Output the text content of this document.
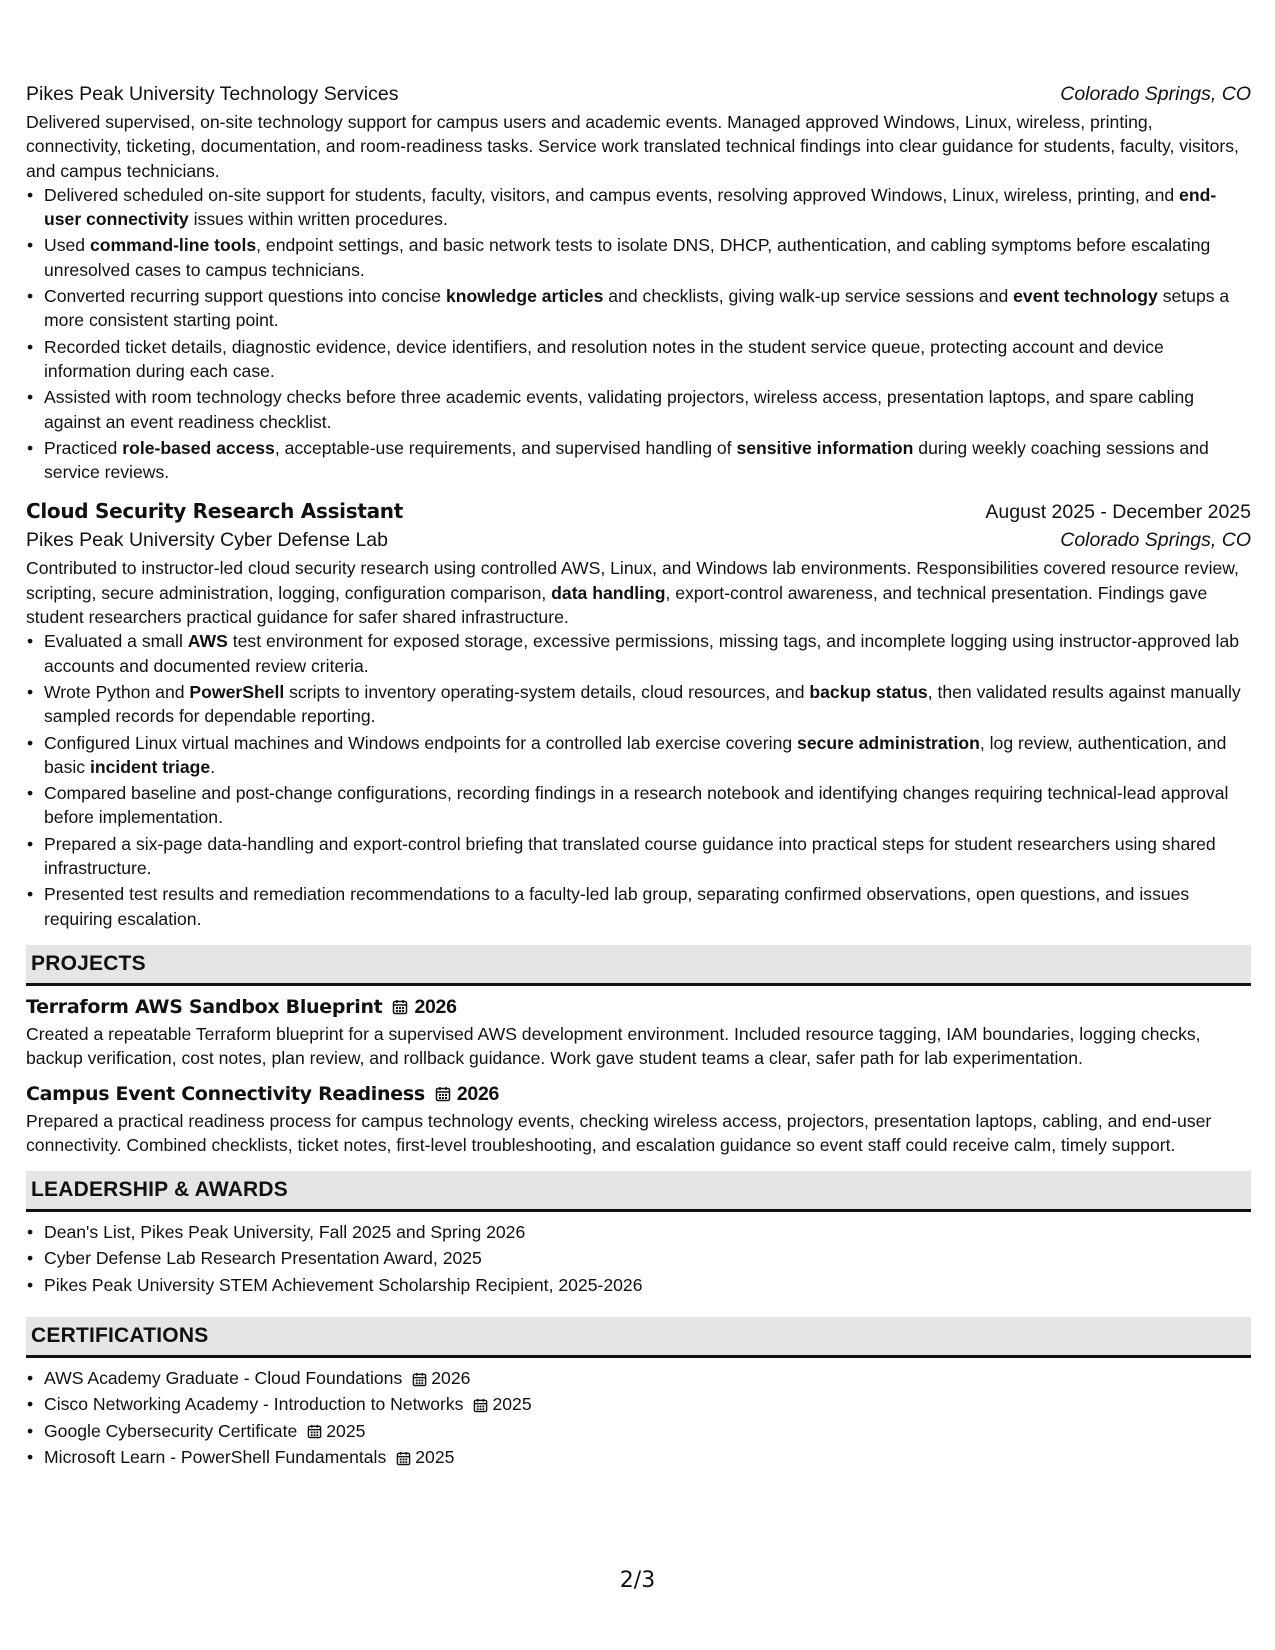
Pikes Peak University Technology Services	Colorado Springs, CO
Delivered supervised, on-site technology support for campus users and academic events. Managed approved Windows, Linux, wireless, printing, connectivity, ticketing, documentation, and room-readiness tasks. Service work translated technical findings into clear guidance for students, faculty, visitors, and campus technicians.
• Delivered scheduled on-site support for students, faculty, visitors, and campus events, resolving approved Windows, Linux, wireless, printing, and end-user connectivity issues within written procedures.
• Used command-line tools, endpoint settings, and basic network tests to isolate DNS, DHCP, authentication, and cabling symptoms before escalating unresolved cases to campus technicians.
• Converted recurring support questions into concise knowledge articles and checklists, giving walk-up service sessions and event technology setups a more consistent starting point.
• Recorded ticket details, diagnostic evidence, device identifiers, and resolution notes in the student service queue, protecting account and device information during each case.
• Assisted with room technology checks before three academic events, validating projectors, wireless access, presentation laptops, and spare cabling against an event readiness checklist.
• Practiced role-based access, acceptable-use requirements, and supervised handling of sensitive information during weekly coaching sessions and service reviews.
Cloud Security Research Assistant	August 2025 - December 2025
Pikes Peak University Cyber Defense Lab	Colorado Springs, CO
Contributed to instructor-led cloud security research using controlled AWS, Linux, and Windows lab environments. Responsibilities covered resource review, scripting, secure administration, logging, configuration comparison, data handling, export-control awareness, and technical presentation. Findings gave student researchers practical guidance for safer shared infrastructure.
• Evaluated a small AWS test environment for exposed storage, excessive permissions, missing tags, and incomplete logging using instructor-approved lab accounts and documented review criteria.
• Wrote Python and PowerShell scripts to inventory operating-system details, cloud resources, and backup status, then validated results against manually sampled records for dependable reporting.
• Configured Linux virtual machines and Windows endpoints for a controlled lab exercise covering secure administration, log review, authentication, and basic incident triage.
• Compared baseline and post-change configurations, recording findings in a research notebook and identifying changes requiring technical-lead approval before implementation.
• Prepared a six-page data-handling and export-control briefing that translated course guidance into practical steps for student researchers using shared infrastructure.
• Presented test results and remediation recommendations to a faculty-led lab group, separating confirmed observations, open questions, and issues requiring escalation.
PROJECTS
Terraform AWS Sandbox Blueprint 2026
Created a repeatable Terraform blueprint for a supervised AWS development environment. Included resource tagging, IAM boundaries, logging checks, backup verification, cost notes, plan review, and rollback guidance. Work gave student teams a clear, safer path for lab experimentation.
Campus Event Connectivity Readiness 2026
Prepared a practical readiness process for campus technology events, checking wireless access, projectors, presentation laptops, cabling, and end-user connectivity. Combined checklists, ticket notes, first-level troubleshooting, and escalation guidance so event staff could receive calm, timely support.
LEADERSHIP & AWARDS
• Dean's List, Pikes Peak University, Fall 2025 and Spring 2026
• Cyber Defense Lab Research Presentation Award, 2025
• Pikes Peak University STEM Achievement Scholarship Recipient, 2025-2026
CERTIFICATIONS
• AWS Academy Graduate - Cloud Foundations 2026
• Cisco Networking Academy - Introduction to Networks 2025
• Google Cybersecurity Certificate 2025
• Microsoft Learn - PowerShell Fundamentals 2025
2/3
